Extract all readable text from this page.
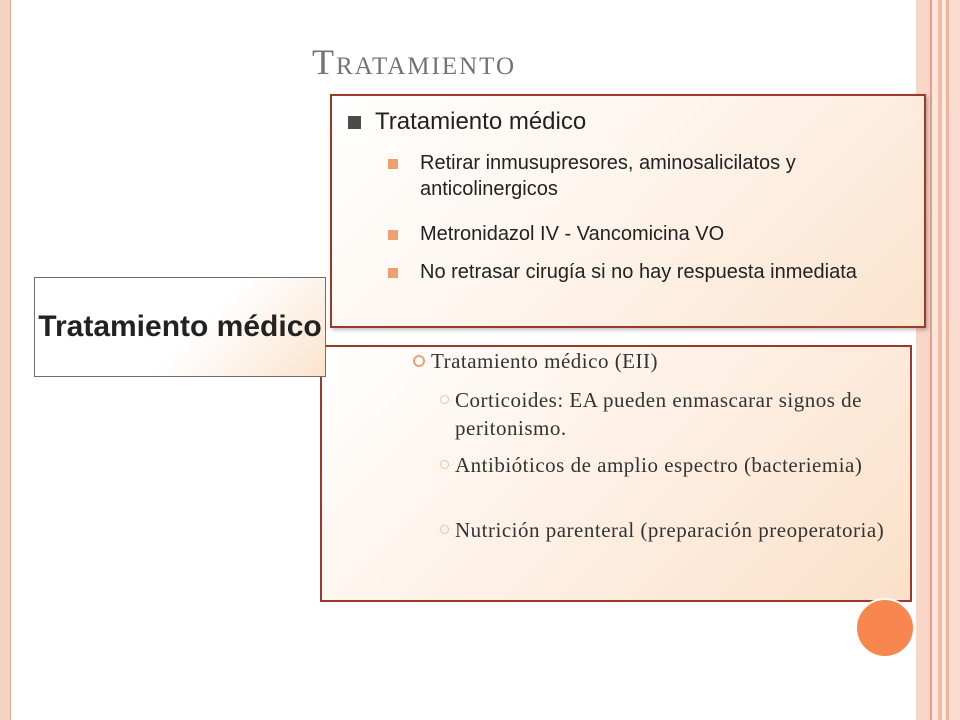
Tratamiento
Tratamiento médico
Tratamiento médico
Retirar inmusupresores, aminosalicilatos y anticolinergicos
Metronidazol IV - Vancomicina VO
No retrasar cirugía si no hay respuesta inmediata
Tratamiento médico (EII)
Corticoides: EA pueden enmascarar signos de peritonismo.
Antibióticos de amplio espectro (bacteriemia)
Nutrición parenteral (preparación preoperatoria)
